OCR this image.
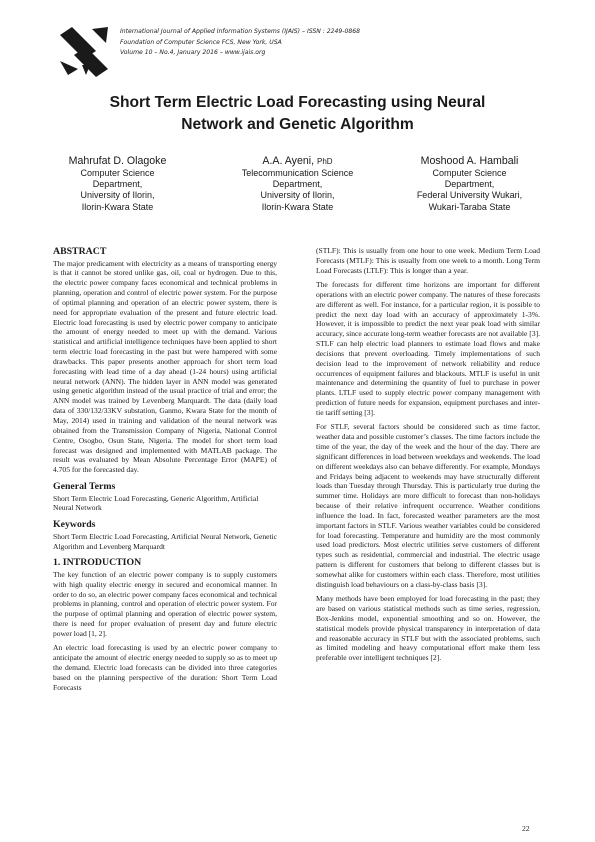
International Journal of Applied Information Systems (IJAIS) – ISSN : 2249-0868
Foundation of Computer Science FCS, New York, USA
Volume 10 – No.4, January 2016 – www.ijais.org
Short Term Electric Load Forecasting using Neural
Network and Genetic Algorithm
Mahrufat D. Olagoke
Computer Science
Department,
University of Ilorin,
Ilorin-Kwara State
A.A. Ayeni, PhD
Telecommunication Science
Department,
University of Ilorin,
Ilorin-Kwara State
Moshood A. Hambali
Computer Science
Department,
Federal University Wukari,
Wukari-Taraba State
ABSTRACT

The major predicament with electricity as a means of transporting energy is that it cannot be stored unlike gas, oil, coal or hydrogen. Due to this, the electric power company faces economical and technical problems in planning, operation and control of electric power system. For the purpose of optimal planning and operation of an electric power system, there is need for appropriate evaluation of the present and future electric load. Electric load forecasting is used by electric power company to anticipate the amount of energy needed to meet up with the demand. Various statistical and artificial intelligence techniques have been applied to short term electric load forecasting in the past but were hampered with some drawbacks. This paper presents another approach for short term load forecasting with lead time of a day ahead (1-24 hours) using artificial neural network (ANN). The hidden layer in ANN model was generated using genetic algorithm instead of the usual practice of trial and error; the ANN model was trained by Levenberg Marquardt. The data (daily load data of 330/132/33KV substation, Ganmo, Kwara State for the month of May, 2014) used in training and validation of the neural network was obtained from the Transmission Company of Nigeria, National Control Centre, Osogbo, Osun State, Nigeria. The model for short term load forecast was designed and implemented with MATLAB package. The result was evaluated by Mean Absolute Percentage Error (MAPE) of 4.705 for the forecasted day.

General Terms

Short Term Electric Load Forecasting, Generic Algorithm, Artificial Neural Network

Keywords

Short Term Electric Load Forecasting, Artificial Neural Network, Genetic Algorithm and Levenberg Marquardt

1. INTRODUCTION

The key function of an electric power company is to supply customers with high quality electric energy in secured and economical manner. In order to do so, an electric power company faces economical and technical problems in planning, control and operation of electric power system. For the purpose of optimal planning and operation of electric power system, there is need for proper evaluation of present day and future electric power load [1, 2].

An electric load forecasting is used by an electric power company to anticipate the amount of electric energy needed to supply so as to meet up the demand. Electric load forecasts can be divided into three categories based on the planning perspective of the duration: Short Term Load Forecasts

(STLF): This is usually from one hour to one week. Medium Term Load Forecasts (MTLF): This is usually from one week to a month. Long Term Load Forecasts (LTLF): This is longer than a year.

The forecasts for different time horizons are important for different operations with an electric power company. The natures of these forecasts are different as well. For instance, for a particular region, it is possible to predict the next day load with an accuracy of approximately 1-3%. However, it is impossible to predict the next year peak load with similar accuracy, since accurate long-term weather forecasts are not available [3]. STLF can help electric load planners to estimate load flows and make decisions that prevent overloading. Timely implementations of such decision lead to the improvement of network reliability and reduce occurrences of equipment failures and blackouts. MTLF is useful in unit maintenance and determining the quantity of fuel to purchase in power plants. LTLF used to supply electric power company management with prediction of future needs for expansion, equipment purchases and inter-tie tariff setting [3].

For STLF, several factors should be considered such as time factor, weather data and possible customer’s classes. The time factors include the time of the year, the day of the week and the hour of the day. There are significant differences in load between weekdays and weekends. The load on different weekdays also can behave differently. For example, Mondays and Fridays being adjacent to weekends may have structurally different loads than Tuesday through Thursday. This is particularly true during the summer time. Holidays are more difficult to forecast than non-holidays because of their relative infrequent occurrence. Weather conditions influence the load. In fact, forecasted weather parameters are the most important factors in STLF. Various weather variables could be considered for load forecasting. Temperature and humidity are the most commonly used load predictors. Most electric utilities serve customers of different types such as residential, commercial and industrial. The electric usage pattern is different for customers that belong to different classes but is somewhat alike for customers within each class. Therefore, most utilities distinguish load behaviours on a class-by-class basis [3].

Many methods have been employed for load forecasting in the past; they are based on various statistical methods such as time series, regression, Box-Jenkins model, exponential smoothing and so on. However, the statistical models provide physical transparency in interpretation of data and reasonable accuracy in STLF but with the associated problems, such as limited modeling and heavy computational effort make them less preferable over intelligent techniques [2].

22
